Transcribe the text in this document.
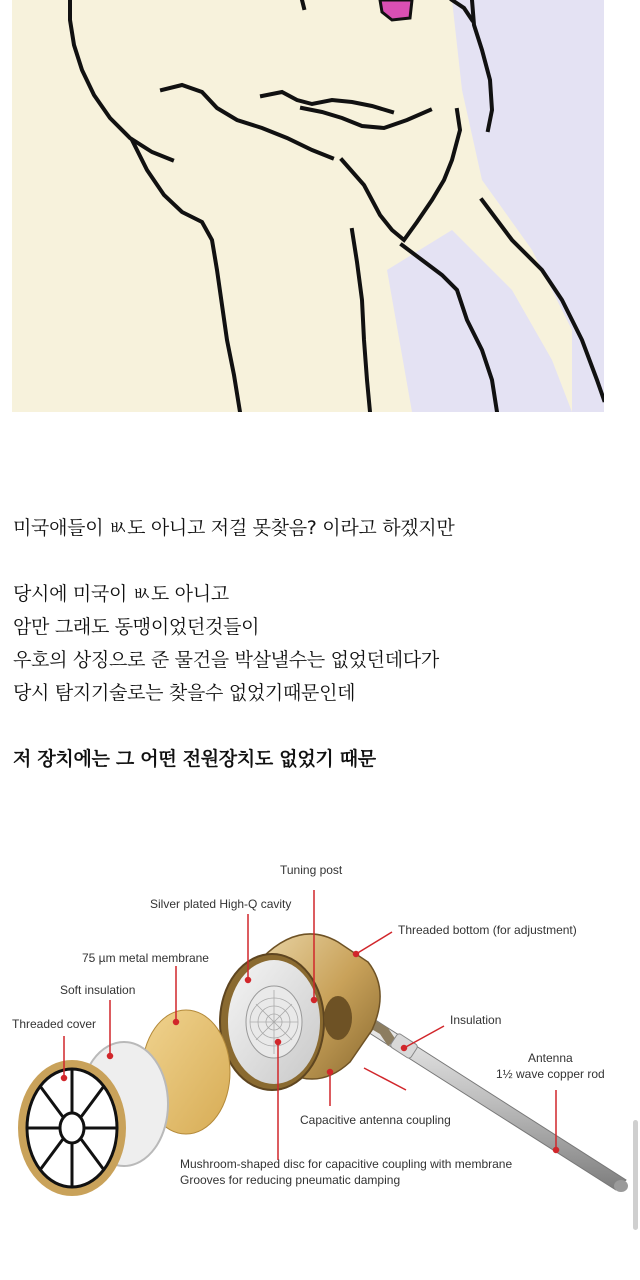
미국애들이 ㅄ도 아니고 저걸 못찾음? 이라고 하겠지만

당시에 미국이 ㅄ도 아니고

암만 그래도 동맹이었던것들이

우호의 상징으로 준 물건을 박살낼수는 없었던데다가

당시 탐지기술로는 찾을수 없었기때문인데

저 장치에는 그 어떤 전원장치도 없었기 때문

Tuning post
Silver plated High-Q cavity
Threaded bottom (for adjustment)
75 µm metal membrane
Soft insulation
Threaded cover	Insulation
Antenna
1½ wave copper rod
Capacitive antenna coupling
Mushroom-shaped disc for capacitive coupling with membrane
Grooves for reducing pneumatic damping
